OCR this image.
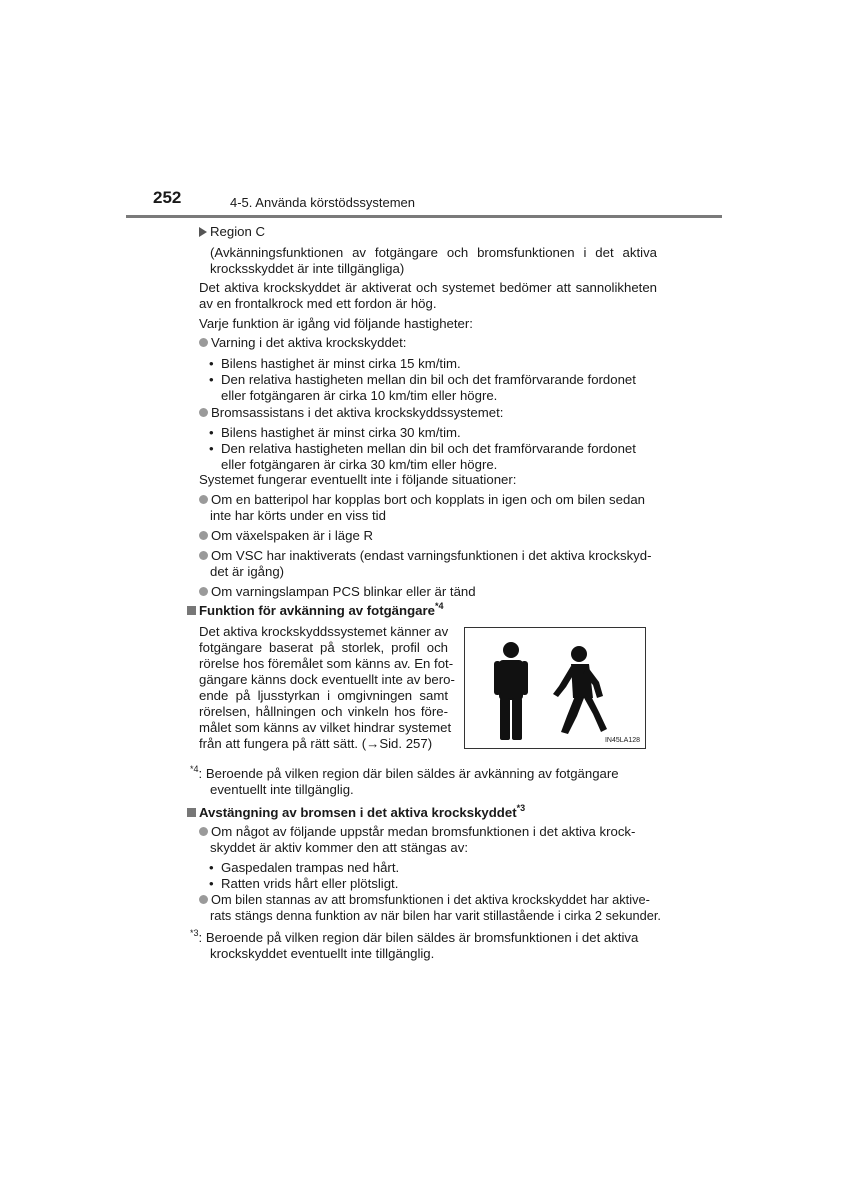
252	4-5. Använda körstödssystemen
Region C
(Avkänningsfunktionen av fotgängare och bromsfunktionen i det aktiva
krocksskyddet är inte tillgängliga)
Det aktiva krockskyddet är aktiverat och systemet bedömer att sannolikheten
av en frontalkrock med ett fordon är hög.
Varje funktion är igång vid följande hastigheter:
Varning i det aktiva krockskyddet:
• Bilens hastighet är minst cirka 15 km/tim.
• Den relativa hastigheten mellan din bil och det framförvarande fordonet
eller fotgängaren är cirka 10 km/tim eller högre.
Bromsassistans i det aktiva krockskyddssystemet:
• Bilens hastighet är minst cirka 30 km/tim.
• Den relativa hastigheten mellan din bil och det framförvarande fordonet
eller fotgängaren är cirka 30 km/tim eller högre.
Systemet fungerar eventuellt inte i följande situationer:
Om en batteripol har kopplas bort och kopplats in igen och om bilen sedan
inte har körts under en viss tid
Om växelspaken är i läge R
Om VSC har inaktiverats (endast varningsfunktionen i det aktiva krockskyd-
det är igång)
Om varningslampan PCS blinkar eller är tänd
Funktion för avkänning av fotgängare$^{*4}$
Det aktiva krockskyddssystemet känner av
fotgängare baserat på storlek, profil och
rörelse hos föremålet som känns av. En fot-
gängare känns dock eventuellt inte av bero-
ende på ljusstyrkan i omgivningen samt
rörelsen, hållningen och vinkeln hos före-
målet som känns av vilket hindrar systemet
från att fungera på rätt sätt. (→Sid. 257)	IN45LA128
$^{*4}$: Beroende på vilken region där bilen säldes är avkänning av fotgängare
eventuellt inte tillgänglig.
Avstängning av bromsen i det aktiva krockskyddet$^{*3}$
Om något av följande uppstår medan bromsfunktionen i det aktiva krock-
skyddet är aktiv kommer den att stängas av:
• Gaspedalen trampas ned hårt.
• Ratten vrids hårt eller plötsligt.
Om bilen stannas av att bromsfunktionen i det aktiva krockskyddet har aktive-
rats stängs denna funktion av när bilen har varit stillastående i cirka 2 sekunder.
$^{*3}$: Beroende på vilken region där bilen säldes är bromsfunktionen i det aktiva
krockskyddet eventuellt inte tillgänglig.
